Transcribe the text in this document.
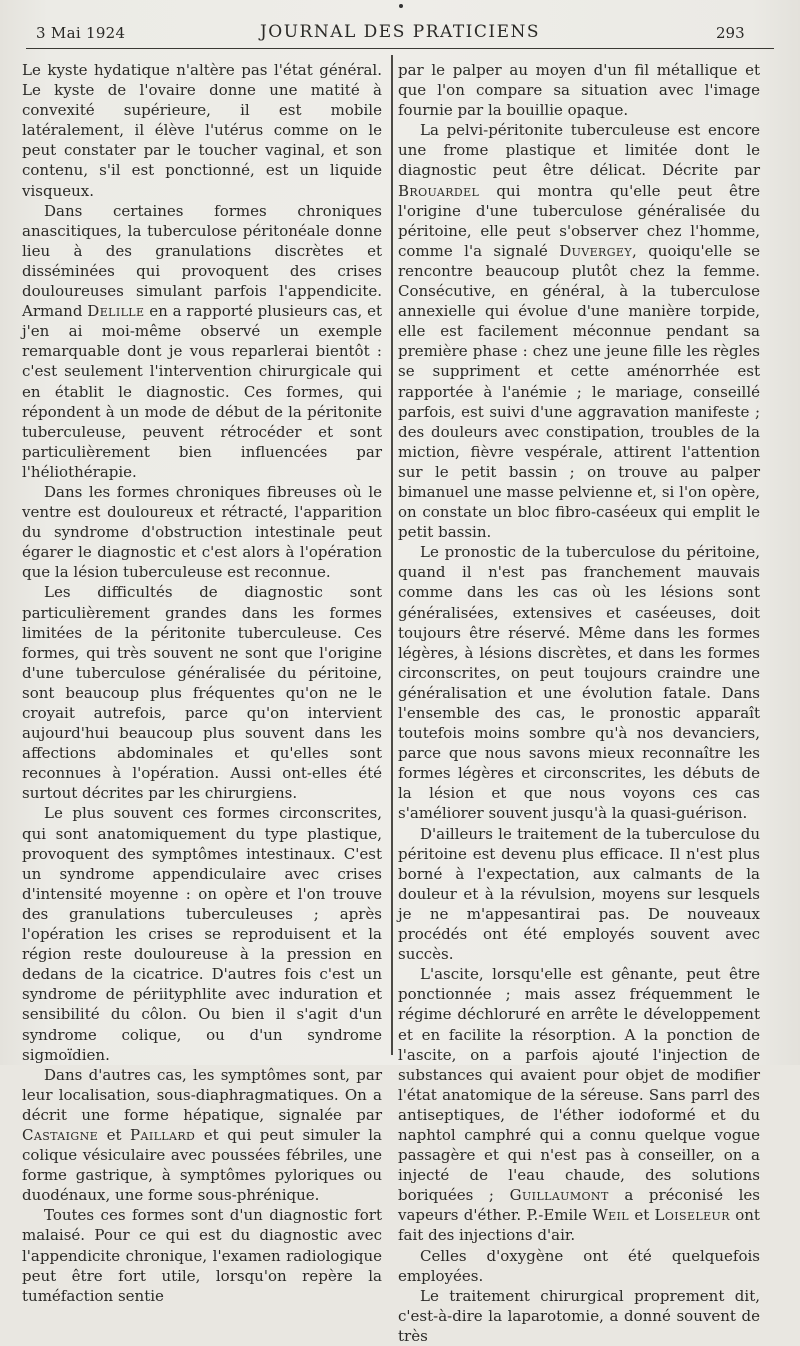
3 Mai 1924	JOURNAL DES PRATICIENS	293

Le kyste hydatique n'altère pas l'état général. Le kyste de l'ovaire donne une matité à convexité supérieure, il est mobile latéralement, il élève l'utérus comme on le peut constater par le toucher vaginal, et son contenu, s'il est ponctionné, est un liquide visqueux.

Dans certaines formes chroniques anascitiques, la tuberculose péritonéale donne lieu à des granulations discrètes et disséminées qui provoquent des crises douloureuses simulant parfois l'appendicite. Armand Delille en a rapporté plusieurs cas, et j'en ai moi-même observé un exemple remarquable dont je vous reparlerai bientôt : c'est seulement l'intervention chirurgicale qui en établit le diagnostic. Ces formes, qui répondent à un mode de début de la péritonite tuberculeuse, peuvent rétrocéder et sont particulièrement bien influencées par l'héliothérapie.

Dans les formes chroniques fibreuses où le ventre est douloureux et rétracté, l'apparition du syndrome d'obstruction intestinale peut égarer le diagnostic et c'est alors à l'opération que la lésion tuberculeuse est reconnue.

Les difficultés de diagnostic sont particulièrement grandes dans les formes limitées de la péritonite tuberculeuse. Ces formes, qui très souvent ne sont que l'origine d'une tuberculose généralisée du péritoine, sont beaucoup plus fréquentes qu'on ne le croyait autrefois, parce qu'on intervient aujourd'hui beaucoup plus souvent dans les affections abdominales et qu'elles sont reconnues à l'opération. Aussi ont-elles été surtout décrites par les chirurgiens.

Le plus souvent ces formes circonscrites, qui sont anatomiquement du type plastique, provoquent des symptômes intestinaux. C'est un syndrome appendiculaire avec crises d'intensité moyenne : on opère et l'on trouve des granulations tuberculeuses ; après l'opération les crises se reproduisent et la région reste douloureuse à la pression en dedans de la cicatrice. D'autres fois c'est un syndrome de périityphlite avec induration et sensibilité du côlon. Ou bien il s'agit d'un syndrome colique, ou d'un syndrome sigmoïdien.

Dans d'autres cas, les symptômes sont, par leur localisation, sous-diaphragmatiques. On a décrit une forme hépatique, signalée par Castaigne et Paillard et qui peut simuler la colique vésiculaire avec poussées fébriles, une forme gastrique, à symptômes pyloriques ou duodénaux, une forme sous-phrénique.

Toutes ces formes sont d'un diagnostic fort malaisé. Pour ce qui est du diagnostic avec l'appendicite chronique, l'examen radiologique peut être fort utile, lorsqu'on repère la tuméfaction sentie

par le palper au moyen d'un fil métallique et que l'on compare sa situation avec l'image fournie par la bouillie opaque.

La pelvi-péritonite tuberculeuse est encore une frome plastique et limitée dont le diagnostic peut être délicat. Décrite par Brouardel qui montra qu'elle peut être l'origine d'une tuberculose généralisée du péritoine, elle peut s'observer chez l'homme, comme l'a signalé Duvergey, quoiqu'elle se rencontre beaucoup plutôt chez la femme. Consécutive, en général, à la tuberculose annexielle qui évolue d'une manière torpide, elle est facilement méconnue pendant sa première phase : chez une jeune fille les règles se suppriment et cette aménorrhée est rapportée à l'anémie ; le mariage, conseillé parfois, est suivi d'une aggravation manifeste ; des douleurs avec constipation, troubles de la miction, fièvre vespérale, attirent l'attention sur le petit bassin ; on trouve au palper bimanuel une masse pelvienne et, si l'on opère, on constate un bloc fibro-caséeux qui emplit le petit bassin.

Le pronostic de la tuberculose du péritoine, quand il n'est pas franchement mauvais comme dans les cas où les lésions sont généralisées, extensives et caséeuses, doit toujours être réservé. Même dans les formes légères, à lésions discrètes, et dans les formes circonscrites, on peut toujours craindre une généralisation et une évolution fatale. Dans l'ensemble des cas, le pronostic apparaît toutefois moins sombre qu'à nos devanciers, parce que nous savons mieux reconnaître les formes légères et circonscrites, les débuts de la lésion et que nous voyons ces cas s'améliorer souvent jusqu'à la quasi-guérison.

D'ailleurs le traitement de la tuberculose du péritoine est devenu plus efficace. Il n'est plus borné à l'expectation, aux calmants de la douleur et à la révulsion, moyens sur lesquels je ne m'appesantirai pas. De nouveaux procédés ont été employés souvent avec succès.

L'ascite, lorsqu'elle est gênante, peut être ponctionnée ; mais assez fréquemment le régime déchloruré en arrête le développement et en facilite la résorption. A la ponction de l'ascite, on a parfois ajouté l'injection de substances qui avaient pour objet de modifier l'état anatomique de la séreuse. Sans parrl des antiseptiques, de l'éther iodoformé et du naphtol camphré qui a connu quelque vogue passagère et qui n'est pas à conseiller, on a injecté de l'eau chaude, des solutions boriquées ; Guillaumont a préconisé les vapeurs d'éther. P.-Emile Weil et Loiseleur ont fait des injections d'air.

Celles d'oxygène ont été quelquefois employées.

Le traitement chirurgical proprement dit, c'est-à-dire la laparotomie, a donné souvent de très
